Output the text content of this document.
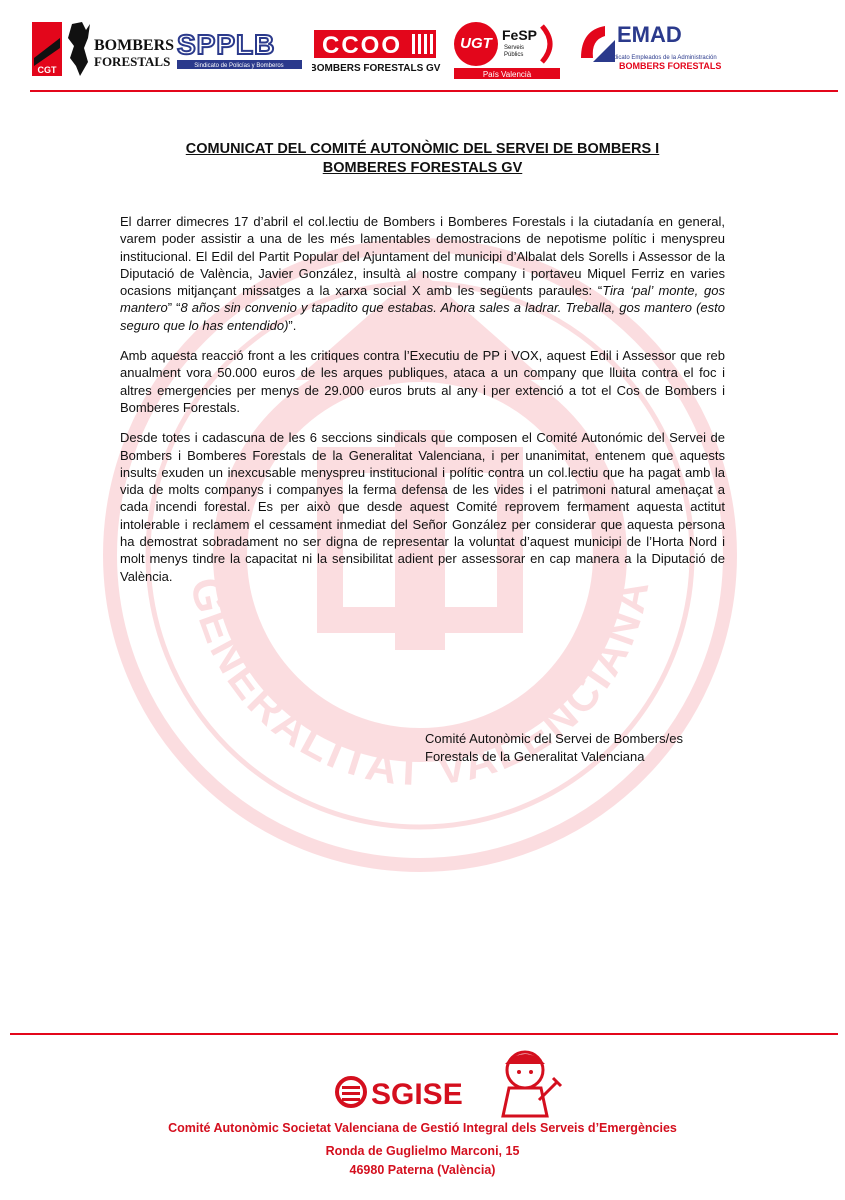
CGT
BOMBERS
FORESTALS
SPPLB
Sindicato de Policías y Bomberos
CCOO
BOMBERS FORESTALS GV
UGT FeSP
Serveis
Públics
País Valencià
EMAD
Sindicato Empleados de la Administración
BOMBERS FORESTALS
GENERALITAT VALENCIANA
COMUNICAT DEL COMITÉ AUTONÒMIC DEL SERVEI DE BOMBERS I
BOMBERES FORESTALS GV

El darrer dimecres 17 d’abril el col.lectiu de Bombers i Bomberes Forestals i la ciutadanía en general, varem poder assistir a una de les més lamentables demostracions de nepotisme polític i menyspreu institucional. El Edil del Partit Popular del Ajuntament del municipi d’Albalat dels Sorells i Assessor de la Diputació de València, Javier González, insultà al nostre company i portaveu Miquel Ferriz en varies ocasions mitjançant missatges a la xarxa social X amb les següents paraules: “Tira ‘pal’ monte, gos mantero” “8 años sin convenio y tapadito que estabas. Ahora sales a ladrar. Treballa, gos mantero (esto seguro que lo has entendido)”.

Amb aquesta reacció front a les critiques contra l’Executiu de PP i VOX, aquest Edil i Assessor que reb anualment vora 50.000 euros de les arques publiques, ataca a un company que lluita contra el foc i altres emergencies per menys de 29.000 euros bruts al any i per extenció a tot el Cos de Bombers i Bomberes Forestals.

Desde totes i cadascuna de les 6 seccions sindicals que composen el Comité Autonómic del Servei de Bombers i Bomberes Forestals de la Generalitat Valenciana, i per unanimitat, entenem que aquests insults exuden un inexcusable menyspreu institucional i polític contra un col.lectiu que ha pagat amb la vida de molts companys i companyes la ferma defensa de les vides i el patrimoni natural amenaçat a cada incendi forestal. Es per això que desde aquest Comité reprovem fermament aquesta actitut intolerable i reclamem el cessament inmediat del Señor González per considerar que aquesta persona ha demostrat sobradament no ser digna de representar la voluntat d’aquest municipi de l’Horta Nord i molt menys tindre la capacitat ni la sensibilitat adient per assessorar en cap manera a la Diputació de València.

Comité Autonòmic del Servei de Bombers/es
Forestals de la Generalitat Valenciana
SGISE
Comité Autonòmic Societat Valenciana de Gestió Integral dels Serveis d’Emergències
Ronda de Guglielmo Marconi, 15
46980 Paterna (València)
